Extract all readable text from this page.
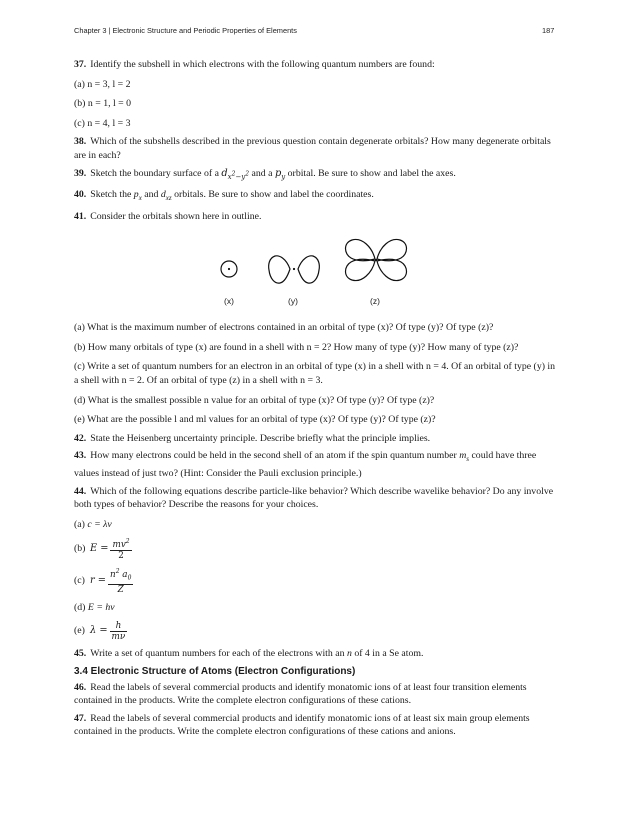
Chapter 3 | Electronic Structure and Periodic Properties of Elements	187

37. Identify the subshell in which electrons with the following quantum numbers are found:

(a) n = 3, l = 2

(b) n = 1, l = 0

(c) n = 4, l = 3

38. Which of the subshells described in the previous question contain degenerate orbitals? How many degenerate orbitals are in each?

39. Sketch the boundary surface of a $d_{x^2-y^2}$ and a $p_y$ orbital. Be sure to show and label the axes.

40. Sketch the $p_x$ and $d_{xz}$ orbitals. Be sure to show and label the coordinates.

41. Consider the orbitals shown here in outline.

(x)	(y)	(z)

(a) What is the maximum number of electrons contained in an orbital of type (x)? Of type (y)? Of type (z)?

(b) How many orbitals of type (x) are found in a shell with n = 2? How many of type (y)? How many of type (z)?

(c) Write a set of quantum numbers for an electron in an orbital of type (x) in a shell with n = 4. Of an orbital of type (y) in a shell with n = 2. Of an orbital of type (z) in a shell with n = 3.

(d) What is the smallest possible n value for an orbital of type (x)? Of type (y)? Of type (z)?

(e) What are the possible l and ml values for an orbital of type (x)? Of type (y)? Of type (z)?

42. State the Heisenberg uncertainty principle. Describe briefly what the principle implies.

43. How many electrons could be held in the second shell of an atom if the spin quantum number $m_s$ could have three values instead of just two? (Hint: Consider the Pauli exclusion principle.)

44. Which of the following equations describe particle-like behavior? Which describe wavelike behavior? Do any involve both types of behavior? Describe the reasons for your choices.

(a) c = λν

(b) $E = \frac{mv^2}{2}$
(c) $r = \frac{n^2 a_0}{Z}$

(d) E = hν

(e) $\lambda = \frac{h}{m\nu}$

45. Write a set of quantum numbers for each of the electrons with an n of 4 in a Se atom.

3.4 Electronic Structure of Atoms (Electron Configurations)

46. Read the labels of several commercial products and identify monatomic ions of at least four transition elements contained in the products. Write the complete electron configurations of these cations.

47. Read the labels of several commercial products and identify monatomic ions of at least six main group elements contained in the products. Write the complete electron configurations of these cations and anions.
